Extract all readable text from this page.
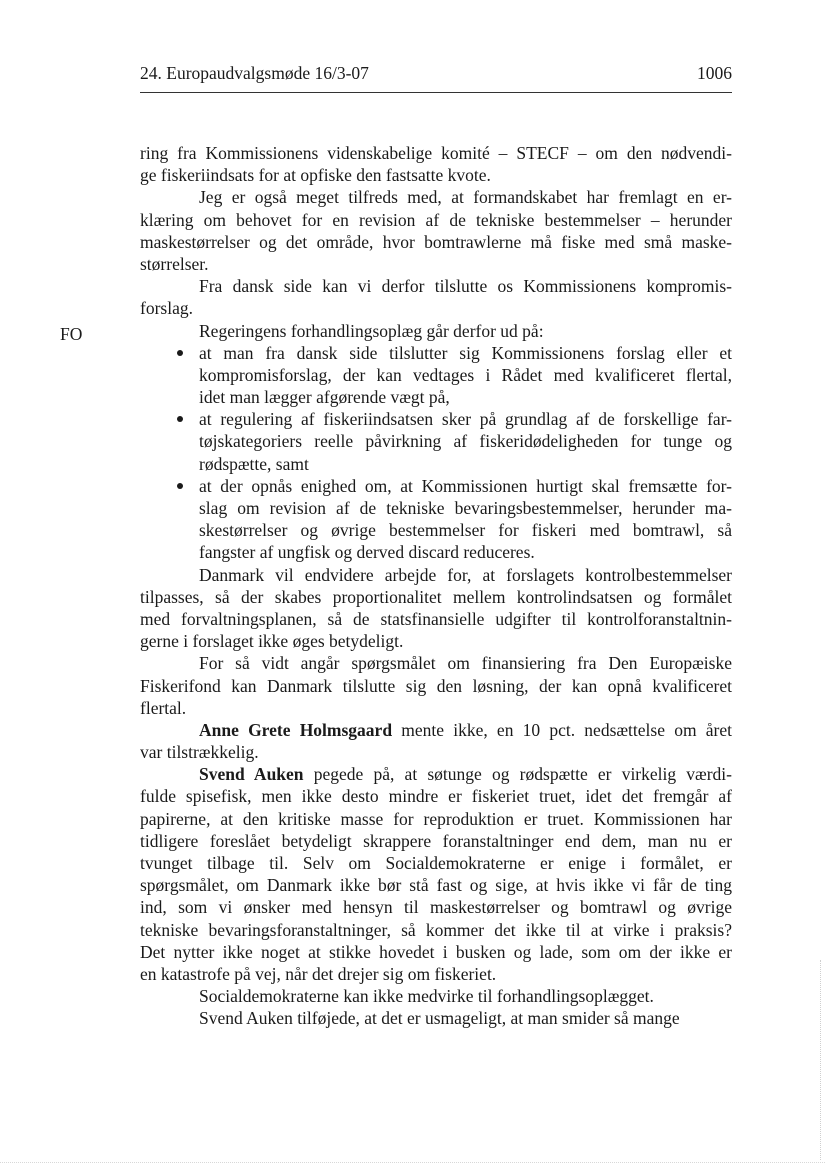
24. Europaudvalgsmøde 16/3-07	1006
FO
ring fra Kommissionens videnskabelige komité – STECF – om den nødvendi-
ge fiskeriindsats for at opfiske den fastsatte kvote.
Jeg er også meget tilfreds med, at formandskabet har fremlagt en er-
klæring om behovet for en revision af de tekniske bestemmelser – herunder
maskestørrelser og det område, hvor bomtrawlerne må fiske med små maske-
størrelser.
Fra dansk side kan vi derfor tilslutte os Kommissionens kompromis-
forslag.
Regeringens forhandlingsoplæg går derfor ud på:
at man fra dansk side tilslutter sig Kommissionens forslag eller et
kompromisforslag, der kan vedtages i Rådet med kvalificeret flertal,
idet man lægger afgørende vægt på,
at regulering af fiskeriindsatsen sker på grundlag af de forskellige far-
tøjskategoriers reelle påvirkning af fiskeridødeligheden for tunge og
rødspætte, samt
at der opnås enighed om, at Kommissionen hurtigt skal fremsætte for-
slag om revision af de tekniske bevaringsbestemmelser, herunder ma-
skestørrelser og øvrige bestemmelser for fiskeri med bomtrawl, så
fangster af ungfisk og derved discard reduceres.
Danmark vil endvidere arbejde for, at forslagets kontrolbestemmelser
tilpasses, så der skabes proportionalitet mellem kontrolindsatsen og formålet
med forvaltningsplanen, så de statsfinansielle udgifter til kontrolforanstaltnin-
gerne i forslaget ikke øges betydeligt.
For så vidt angår spørgsmålet om finansiering fra Den Europæiske
Fiskerifond kan Danmark tilslutte sig den løsning, der kan opnå kvalificeret
flertal.
Anne Grete Holmsgaard mente ikke, en 10 pct. nedsættelse om året
var tilstrækkelig.
Svend Auken pegede på, at søtunge og rødspætte er virkelig værdi-
fulde spisefisk, men ikke desto mindre er fiskeriet truet, idet det fremgår af
papirerne, at den kritiske masse for reproduktion er truet. Kommissionen har
tidligere foreslået betydeligt skrappere foranstaltninger end dem, man nu er
tvunget tilbage til. Selv om Socialdemokraterne er enige i formålet, er
spørgsmålet, om Danmark ikke bør stå fast og sige, at hvis ikke vi får de ting
ind, som vi ønsker med hensyn til maskestørrelser og bomtrawl og øvrige
tekniske bevaringsforanstaltninger, så kommer det ikke til at virke i praksis?
Det nytter ikke noget at stikke hovedet i busken og lade, som om der ikke er
en katastrofe på vej, når det drejer sig om fiskeriet.
Socialdemokraterne kan ikke medvirke til forhandlingsoplægget.
Svend Auken tilføjede, at det er usmageligt, at man smider så mange
